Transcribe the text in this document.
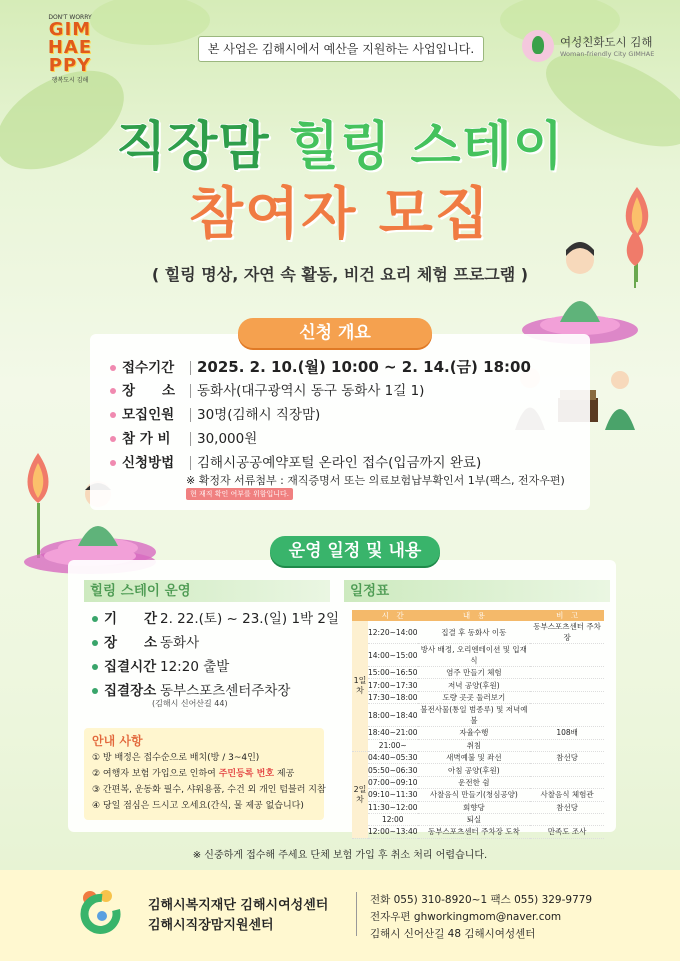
DON'T WORRY
GIM HAE PPY
행복도시 김해
본 사업은 김해시에서 예산을 지원하는 사업입니다.	여성친화도시 김해
Woman-friendly City GIMHAE
직장맘 힐링 스테이
참여자 모집
( 힐링 명상, 자연 속 활동, 비건 요리 체험 프로그램 )
신청 개요
접수기간 2025. 2. 10.(월) 10:00 ~ 2. 14.(금) 18:00
장　　소 동화사(대구광역시 동구 동화사 1길 1)
모집인원 30명(김해시 직장맘)
참 가 비 30,000원
신청방법 김해시공공예약포털 온라인 접수(입금까지 완료)
※ 확정자 서류첨부 : 재직증명서 또는 의료보험납부확인서 1부(팩스, 전자우편)
현 재직 확인 여부를 위함입니다.
운영 일정 및 내용
힐링 스테이 운영
기　　간 2. 22.(토) ~ 23.(일) 1박 2일
장　　소 동화사
집결시간 12:20 출발
집결장소 동부스포츠센터주차장
(김해시 신어산길 44)
안내 사항
① 방 배정은 접수순으로 배치(방 / 3~4인)
② 여행자 보험 가입으로 인하여 주민등록 번호 제공
③ 간편복, 운동화 필수, 샤워용품, 수건 외 개인 텀블러 지참
④ 당일 점심은 드시고 오세요(간식, 물 제공 없습니다)
일정표
	시　간	내　용	비　고
1일차	12:20~14:00	집결 후 동화사 이동	동부스포츠센터 주차장
	14:00~15:00	방사 배정, 오리엔테이션 및 입재식	
	15:00~16:50	염주 만들기 체험	
	17:00~17:30	저녁 공양(후원)	
	17:30~18:00	도량 곳곳 둘러보기	
	18:00~18:40	불전사물(통일 범종루) 및 저녁예불	
	18:40~21:00	자율수행	108배
	21:00~	취침	
2일차	04:40~05:30	새벽예불 및 좌선	참선당
	05:50~06:30	아침 공양(후원)	
	07:00~09:10	운전한 쉼	
	09:10~11:30	사찰음식 만들기(청심공양)	사찰음식 체험관
	11:30~12:00	회향당	참선당
	12:00	퇴실	
	12:00~13:40	동부스포츠센터 주차장 도착	만족도 조사
※ 신중하게 접수해 주세요 단체 보험 가입 후 취소 처리 어렵습니다.
김해시복지재단 김해시여성센터
김해시직장맘지원센터
전화 055) 310-8920~1 팩스 055) 329-9779
전자우편 ghworkingmom@naver.com
김해시 신어산길 48 김해시여성센터
